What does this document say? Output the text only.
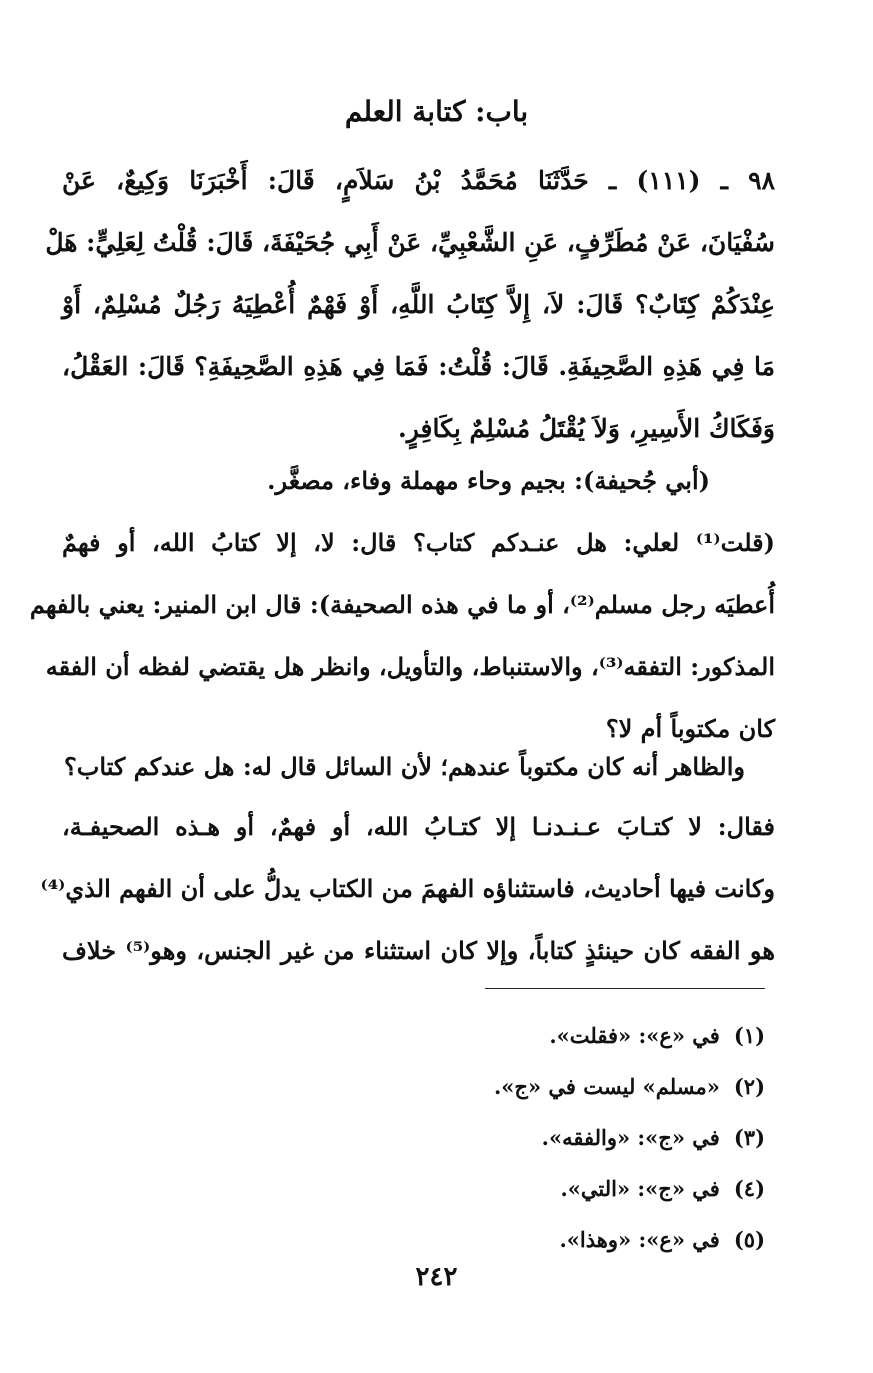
باب: كتابة العلم
٩٨ ـ (١١١) ـ حَدَّثَنَا مُحَمَّدُ بْنُ سَلاَمٍ، قَالَ: أَخْبَرَنَا وَكِيعٌ، عَنْ
سُفْيَانَ، عَنْ مُطَرِّفٍ، عَنِ الشَّعْبِيِّ، عَنْ أَبِي جُحَيْفَةَ، قَالَ: قُلْتُ لِعَلِيٍّ: هَلْ
عِنْدَكُمْ كِتَابٌ؟ قَالَ: لاَ، إِلاَّ كِتَابُ اللَّهِ، أَوْ فَهْمٌ أُعْطِيَهُ رَجُلٌ مُسْلِمٌ، أَوْ
مَا فِي هَذِهِ الصَّحِيفَةِ. قَالَ: قُلْتُ: فَمَا فِي هَذِهِ الصَّحِيفَةِ؟ قَالَ: العَقْلُ،
وَفَكَاكُ الأَسِيرِ، وَلاَ يُقْتَلُ مُسْلِمٌ بِكَافِرٍ.
(أبي جُحيفة): بجيم وحاء مهملة وفاء، مصغَّر.
(قلت⁽¹⁾ لعلي: هل عنـدكم كتاب؟ قال: لا، إلا كتابُ الله، أو فهمٌ
أُعطيَه رجل مسلم⁽²⁾، أو ما في هذه الصحيفة): قال ابن المنير: يعني بالفهم
المذكور: التفقه⁽³⁾، والاستنباط، والتأويل، وانظر هل يقتضي لفظه أن الفقه
كان مكتوباً أم لا؟
والظاهر أنه كان مكتوباً عندهم؛ لأن السائل قال له: هل عندكم كتاب؟
فقال: لا كتـابَ عـنـدنـا إلا كتـابُ الله، أو فهمٌ، أو هـذه الصحيفـة،
وكانت فيها أحاديث، فاستثناؤه الفهمَ من الكتاب يدلُّ على أن الفهم الذي⁽⁴⁾
هو الفقه كان حينئذٍ كتاباً، وإلا كان استثناء من غير الجنس، وهو⁽⁵⁾ خلاف
(١)في «ع»: «فقلت».
(٢)«مسلم» ليست في «ج».
(٣)في «ج»: «والفقه».
(٤)في «ج»: «التي».
(٥)في «ع»: «وهذا».
٢٤٢
